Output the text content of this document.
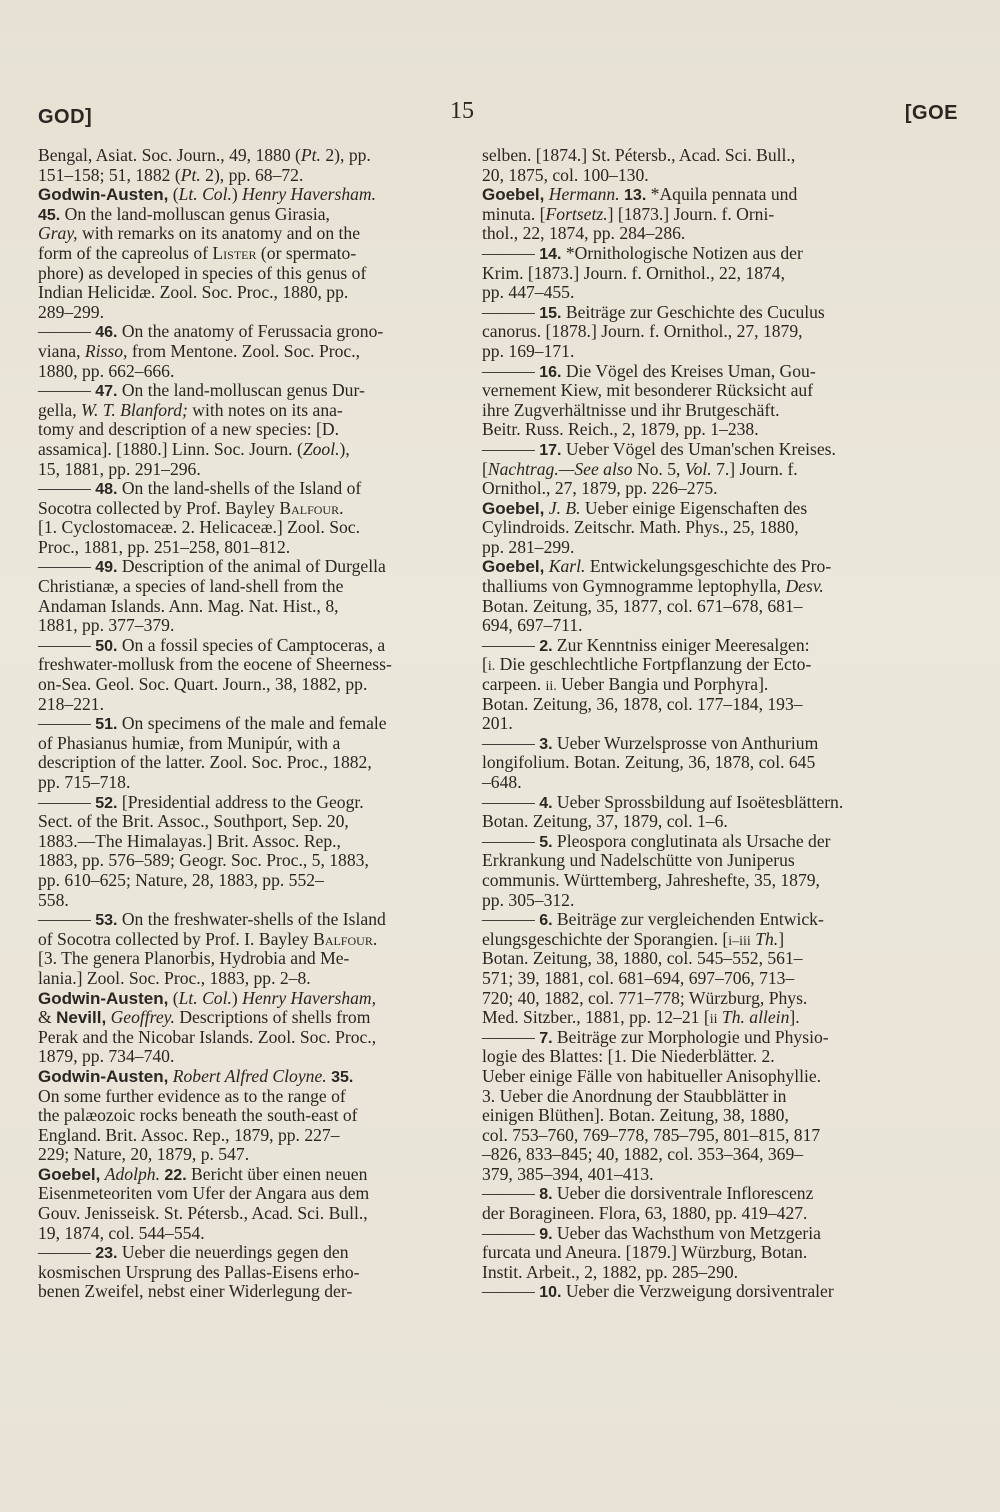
GOD]	15	[GOE
Bengal, Asiat. Soc. Journ., 49, 1880 (Pt. 2), pp.
151–158; 51, 1882 (Pt. 2), pp. 68–72.
Godwin-Austen, (Lt. Col.) Henry Haversham.
45. On the land-molluscan genus Girasia,
Gray, with remarks on its anatomy and on the
form of the capreolus of Lister (or spermato-
phore) as developed in species of this genus of
Indian Helicidæ. Zool. Soc. Proc., 1880, pp.
289–299.
——— 46. On the anatomy of Ferussacia grono-
viana, Risso, from Mentone. Zool. Soc. Proc.,
1880, pp. 662–666.
——— 47. On the land-molluscan genus Dur-
gella, W. T. Blanford; with notes on its ana-
tomy and description of a new species: [D.
assamica]. [1880.] Linn. Soc. Journ. (Zool.),
15, 1881, pp. 291–296.
——— 48. On the land-shells of the Island of
Socotra collected by Prof. Bayley Balfour.
[1. Cyclostomaceæ. 2. Helicaceæ.] Zool. Soc.
Proc., 1881, pp. 251–258, 801–812.
——— 49. Description of the animal of Durgella
Christianæ, a species of land-shell from the
Andaman Islands. Ann. Mag. Nat. Hist., 8,
1881, pp. 377–379.
——— 50. On a fossil species of Camptoceras, a
freshwater-mollusk from the eocene of Sheerness-
on-Sea. Geol. Soc. Quart. Journ., 38, 1882, pp.
218–221.
——— 51. On specimens of the male and female
of Phasianus humiæ, from Munipúr, with a
description of the latter. Zool. Soc. Proc., 1882,
pp. 715–718.
——— 52. [Presidential address to the Geogr.
Sect. of the Brit. Assoc., Southport, Sep. 20,
1883.—The Himalayas.] Brit. Assoc. Rep.,
1883, pp. 576–589; Geogr. Soc. Proc., 5, 1883,
pp. 610–625; Nature, 28, 1883, pp. 552–
558.
——— 53. On the freshwater-shells of the Island
of Socotra collected by Prof. I. Bayley Balfour.
[3. The genera Planorbis, Hydrobia and Me-
lania.] Zool. Soc. Proc., 1883, pp. 2–8.
Godwin-Austen, (Lt. Col.) Henry Haversham,
& Nevill, Geoffrey. Descriptions of shells from
Perak and the Nicobar Islands. Zool. Soc. Proc.,
1879, pp. 734–740.
Godwin-Austen, Robert Alfred Cloyne. 35.
On some further evidence as to the range of
the palæozoic rocks beneath the south-east of
England. Brit. Assoc. Rep., 1879, pp. 227–
229; Nature, 20, 1879, p. 547.
Goebel, Adolph. 22. Bericht über einen neuen
Eisenmeteoriten vom Ufer der Angara aus dem
Gouv. Jenisseisk. St. Pétersb., Acad. Sci. Bull.,
19, 1874, col. 544–554.
——— 23. Ueber die neuerdings gegen den
kosmischen Ursprung des Pallas-Eisens erho-
benen Zweifel, nebst einer Widerlegung der-
selben. [1874.] St. Pétersb., Acad. Sci. Bull.,
20, 1875, col. 100–130.
Goebel, Hermann. 13. *Aquila pennata und
minuta. [Fortsetz.] [1873.] Journ. f. Orni-
thol., 22, 1874, pp. 284–286.
——— 14. *Ornithologische Notizen aus der
Krim. [1873.] Journ. f. Ornithol., 22, 1874,
pp. 447–455.
——— 15. Beiträge zur Geschichte des Cuculus
canorus. [1878.] Journ. f. Ornithol., 27, 1879,
pp. 169–171.
——— 16. Die Vögel des Kreises Uman, Gou-
vernement Kiew, mit besonderer Rücksicht auf
ihre Zugverhältnisse und ihr Brutgeschäft.
Beitr. Russ. Reich., 2, 1879, pp. 1–238.
——— 17. Ueber Vögel des Uman'schen Kreises.
[Nachtrag.—See also No. 5, Vol. 7.] Journ. f.
Ornithol., 27, 1879, pp. 226–275.
Goebel, J. B. Ueber einige Eigenschaften des
Cylindroids. Zeitschr. Math. Phys., 25, 1880,
pp. 281–299.
Goebel, Karl. Entwickelungsgeschichte des Pro-
thalliums von Gymnogramme leptophylla, Desv.
Botan. Zeitung, 35, 1877, col. 671–678, 681–
694, 697–711.
——— 2. Zur Kenntniss einiger Meeresalgen:
[i. Die geschlechtliche Fortpflanzung der Ecto-
carpeen. ii. Ueber Bangia und Porphyra].
Botan. Zeitung, 36, 1878, col. 177–184, 193–
201.
——— 3. Ueber Wurzelsprosse von Anthurium
longifolium. Botan. Zeitung, 36, 1878, col. 645
–648.
——— 4. Ueber Sprossbildung auf Isoëtesblättern.
Botan. Zeitung, 37, 1879, col. 1–6.
——— 5. Pleospora conglutinata als Ursache der
Erkrankung und Nadelschütte von Juniperus
communis. Württemberg, Jahreshefte, 35, 1879,
pp. 305–312.
——— 6. Beiträge zur vergleichenden Entwick-
elungsgeschichte der Sporangien. [i–iii Th.]
Botan. Zeitung, 38, 1880, col. 545–552, 561–
571; 39, 1881, col. 681–694, 697–706, 713–
720; 40, 1882, col. 771–778; Würzburg, Phys.
Med. Sitzber., 1881, pp. 12–21 [ii Th. allein].
——— 7. Beiträge zur Morphologie und Physio-
logie des Blattes: [1. Die Niederblätter. 2.
Ueber einige Fälle von habitueller Anisophyllie.
3. Ueber die Anordnung der Staubblätter in
einigen Blüthen]. Botan. Zeitung, 38, 1880,
col. 753–760, 769–778, 785–795, 801–815, 817
–826, 833–845; 40, 1882, col. 353–364, 369–
379, 385–394, 401–413.
——— 8. Ueber die dorsiventrale Inflorescenz
der Boragineen. Flora, 63, 1880, pp. 419–427.
——— 9. Ueber das Wachsthum von Metzgeria
furcata und Aneura. [1879.] Würzburg, Botan.
Instit. Arbeit., 2, 1882, pp. 285–290.
——— 10. Ueber die Verzweigung dorsiventraler
